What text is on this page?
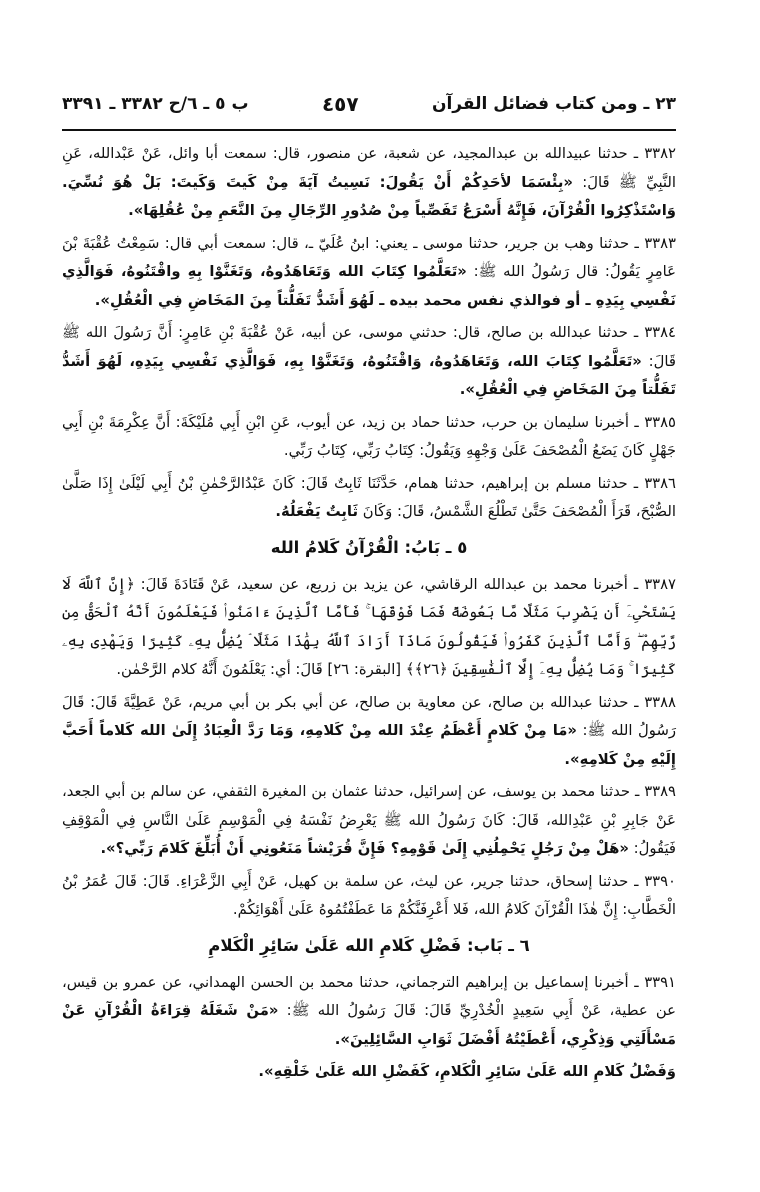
٢٣ ـ ومن كتاب فضائل القرآن
٤٥٧
ب ٥ ـ ٦/ح ٣٣٨٢ ـ ٣٣٩١

٣٣٨٢ ـ حدثنا عبيدالله بن عبدالمجيد، عن شعبة، عن منصور، قال: سمعت أبا وائل، عَنْ عَبْدالله، عَنِ النَّبِيِّ ﷺ قَالَ: «بِئْسَمَا لأحَدِكُمْ أَنْ يَقُولَ: نَسِيتُ آيَةَ مِنْ كَيتَ وَكَيتَ: بَلْ هُوَ نُسِّيَ. وَاسْتَذْكِرُوا الْقُرْآنَ، فَإِنَّهُ أَسْرَعُ تَفَصِّياً مِنْ صُدُورِ الرِّجَالِ مِنَ النَّعَمِ مِنْ عُقُلِهَا».

٣٣٨٣ ـ حدثنا وهب بن جرير، حدثنا موسى ـ يعني: ابنُ عُلَيّ ـ، قال: سمعت أبي قال: سَمِعْتُ عُقْبَةَ بْنَ عَامِرٍ يَقُولُ: قال رَسُولُ الله ﷺ: «تَعَلَّمُوا كِتَابَ الله وَتَعَاهَدُوهُ، وَتَغَنَّوْا بِهِ واقْتَنُوهُ، فَوَالَّذِي نَفْسِي بِيَدِهِ ـ أو فوالذي نفس محمد بيده ـ لَهُوَ أَشَدُّ تَفَلُّتاً مِنَ المَخَاضِ فِي الْعُقُلِ».

٣٣٨٤ ـ حدثنا عبدالله بن صالح، قال: حدثني موسى، عن أبيه، عَنْ عُقْبَةَ بْنِ عَامِرٍ: أَنَّ رَسُولَ الله ﷺ قَالَ: «تَعَلَّمُوا كِتَابَ الله، وَتَعَاهَدُوهُ، وَاقْتَنُوهُ، وَتَغَنَّوْا بِهِ، فَوَالَّذِي نَفْسِي بِيَدِهِ، لَهُوَ أَشَدُّ تَفَلُّتاً مِنَ المَخَاضِ فِي الْعُقُلِ».

٣٣٨٥ ـ أخبرنا سليمان بن حرب، حدثنا حماد بن زيد، عن أيوب، عَنِ ابْنِ أَبِي مُلَيْكَةَ: أَنَّ عِكْرِمَةَ بْنِ أَبِي جَهْلٍ كَانَ يَضَعُ الْمُصْحَفَ عَلَىٰ وَجْهِهِ وَيَقُولُ: كِتَابُ رَبِّي، كِتَابُ رَبِّي.

٣٣٨٦ ـ حدثنا مسلم بن إبراهيم، حدثنا همام، حَدَّثَنَا ثَابِتٌ قَالَ: كَانَ عَبْدُالرَّحْمٰنِ بْنُ أَبِي لَيْلَىٰ إِذَا صَلَّىٰ الصُّبْحَ، قَرَأَ الْمُصْحَفَ حَتَّىٰ تَطْلُعَ الشَّمْسُ، قَالَ: وَكَانَ ثَابِتٌ يَفْعَلُهُ.

٥ ـ بَابُ: الْقُرْآنُ كَلامُ الله

٣٣٨٧ ـ أخبرنا محمد بن عبدالله الرقاشي، عن يزيد بن زريع، عن سعيد، عَنْ قَتَادَةَ قَالَ: ﴿إِنَّ ٱللَّهَ لَا يَسْتَحْىِۦٓ أَن يَضْرِبَ مَثَلًا مَّا بَعُوضَةً فَمَا فَوْقَهَا ۚ فَأَمَّا ٱلَّذِينَ ءَامَنُوا۟ فَيَعْلَمُونَ أَنَّهُ ٱلْحَقُّ مِن رَّبِّهِمْ ۖ وَأَمَّا ٱلَّذِينَ كَفَرُوا۟ فَيَقُولُونَ مَاذَآ أَرَادَ ٱللَّهُ بِهَٰذَا مَثَلًا ۘ يُضِلُّ بِهِۦ كَثِيرًا وَيَهْدِى بِهِۦ كَثِيرًا ۚ وَمَا يُضِلُّ بِهِۦٓ إِلَّا ٱلْفَٰسِقِينَ ﴿٢٦﴾﴾ [البقرة: ٢٦] قَالَ: أي: يَعْلَمُونَ أَنَّهُ كلام الرَّحْمٰن.

٣٣٨٨ ـ حدثنا عبدالله بن صالح، عن معاوية بن صالح، عن أبي بكر بن أبي مريم، عَنْ عَطِيَّةَ قَالَ: قَالَ رَسُولُ الله ﷺ: «مَا مِنْ كَلامٍ أَعْظَمُ عِنْدَ الله مِنْ كَلامِهِ، وَمَا رَدَّ الْعِبَادُ إِلَىٰ الله كَلاماً أَحَبَّ إِلَيْهِ مِنْ كَلامِهِ».

٣٣٨٩ ـ حدثنا محمد بن يوسف، عن إسرائيل، حدثنا عثمان بن المغيرة الثقفي، عن سالم بن أبي الجعد، عَنْ جَابِرِ بْنِ عَبْدِالله، قَالَ: كَانَ رَسُولُ الله ﷺ يَعْرِضُ نَفْسَهُ فِي الْمَوْسِمِ عَلَىٰ النَّاسِ فِي الْمَوْقِفِ فَيَقُولُ: «هَلْ مِنْ رَجُلٍ يَحْمِلُنِي إِلَىٰ قَوْمِهِ؟ فَإِنَّ قُرَيْشاً مَنَعُونِي أَنْ أُبَلِّغَ كَلامَ رَبِّي؟».

٣٣٩٠ ـ حدثنا إسحاق، حدثنا جرير، عن ليث، عن سلمة بن كهيل، عَنْ أَبِي الزَّعْرَاءِ. قَالَ: قَالَ عُمَرُ بْنُ الْخَطَّابِ: إِنَّ هٰذَا الْقُرْآنَ كَلامُ الله، فَلا أَعْرِفَنَّكُمْ مَا عَطَفْتُمُوهُ عَلَىٰ أَهْوَائِكُمْ.

٦ ـ بَاب: فَضْلِ كَلامِ الله عَلَىٰ سَائِرِ الْكَلامِ

٣٣٩١ ـ أخبرنا إسماعيل بن إبراهيم الترجماني، حدثنا محمد بن الحسن الهمداني، عن عمرو بن قيس، عن عطية، عَنْ أَبِي سَعِيدٍ الْخُدْرِيِّ قَالَ: قَالَ رَسُولُ الله ﷺ: «مَنْ شَغَلَهُ قِرَاءَةُ الْقُرْآنِ عَنْ مَسْأَلَتِي وَذِكْرِي، أَعْطَيْتُهُ أَفْضَلَ ثَوَابِ السَّائِلِينَ».

وَفَضْلُ كَلامِ الله عَلَىٰ سَائِرِ الْكَلامِ، كَفَضْلِ الله عَلَىٰ خَلْقِهِ».
